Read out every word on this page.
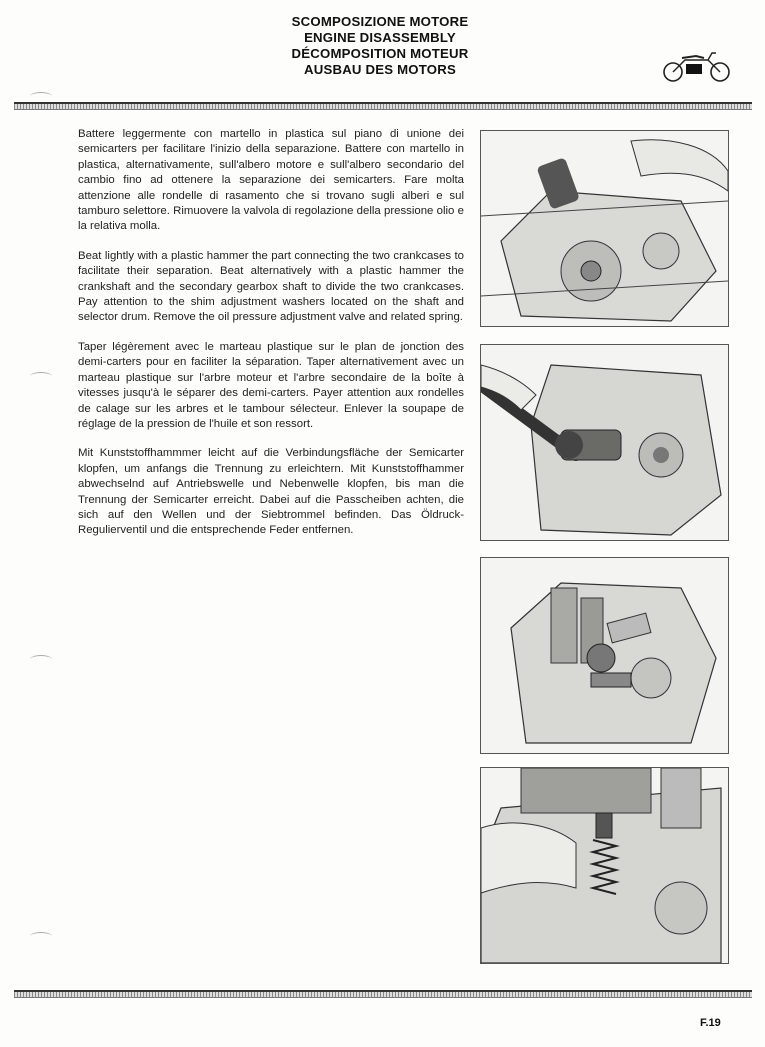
SCOMPOSIZIONE MOTORE
ENGINE DISASSEMBLY
DÉCOMPOSITION MOTEUR
AUSBAU DES MOTORS

Battere leggermente con martello in plastica sul piano di unione dei semicarters per facilitare l'inizio della separazione. Battere con martello in plastica, alternativamente, sull'albero motore e sull'albero secondario del cambio fino ad ottenere la separazione dei semicarters. Fare molta attenzione alle rondelle di rasamento che si trovano sugli alberi e sul tamburo selettore. Rimuovere la valvola di regolazione della pressione olio e la relativa molla.

Beat lightly with a plastic hammer the part connecting the two crankcases to facilitate their separation. Beat alternatively with a plastic hammer the crankshaft and the secondary gearbox shaft to divide the two crankcases. Pay attention to the shim adjustment washers located on the shaft and selector drum. Remove the oil pressure adjustment valve and related spring.

Taper légèrement avec le marteau plastique sur le plan de jonction des demi-carters pour en faciliter la séparation. Taper alternativement avec un marteau plastique sur l'arbre moteur et l'arbre secondaire de la boîte à vitesses jusqu'à le séparer des demi-carters. Payer attention aux rondelles de calage sur les arbres et le tambour sélecteur. Enlever la soupape de réglage de la pression de l'huile et son ressort.

Mit Kunststoffhammmer leicht auf die Verbindungsfläche der Semicarter klopfen, um anfangs die Trennung zu erleichtern. Mit Kunststoffhammer abwechselnd auf Antriebswelle und Nebenwelle klopfen, bis man die Trennung der Semicarter erreicht. Dabei auf die Passcheiben achten, die sich auf den Wellen und der Siebtrommel befinden. Das Öldruck-Regulierventil und die entsprechende Feder entfernen.

F.19
